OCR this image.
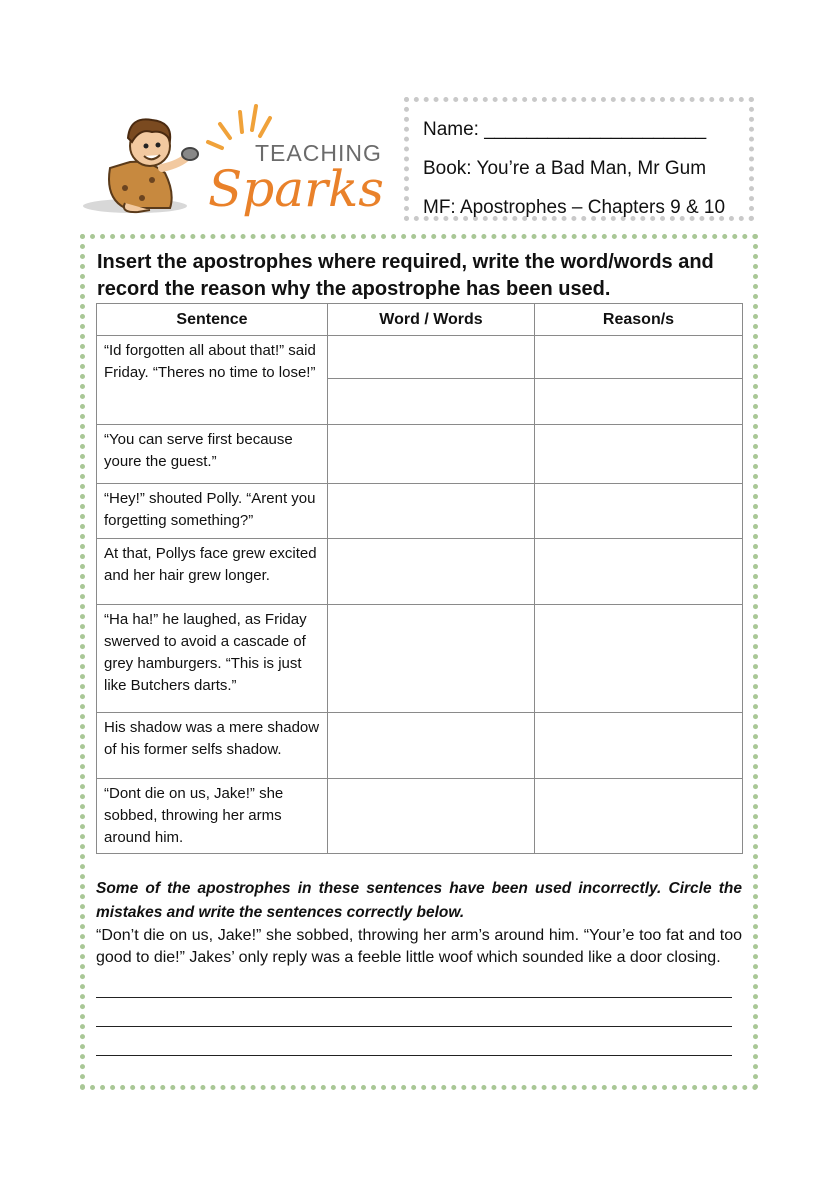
TEACHING
Sparks
Name: _____________________
Book: You’re a Bad Man, Mr Gum
MF: Apostrophes – Chapters 9 & 10
Insert the apostrophes where required, write the word/words and record the reason why the apostrophe has been used.
Sentence	Word / Words	Reason/s
“Id forgotten all about that!” said Friday. “Theres no time to lose!”		

“You can serve first because youre the guest.”		
“Hey!” shouted Polly. “Arent you forgetting something?”		
At that, Pollys face grew excited and her hair grew longer.		
“Ha ha!” he laughed, as Friday swerved to avoid a cascade of grey hamburgers. “This is just like Butchers darts.”		
His shadow was a mere shadow of his former selfs shadow.		
“Dont die on us, Jake!” she sobbed, throwing her arms around him.		

Some of the apostrophes in these sentences have been used incorrectly. Circle the mistakes and write the sentences correctly below.

“Don’t die on us, Jake!” she sobbed, throwing her arm’s around him. “Your’e too fat and too good to die!” Jakes’ only reply was a feeble little woof which sounded like a door closing.
